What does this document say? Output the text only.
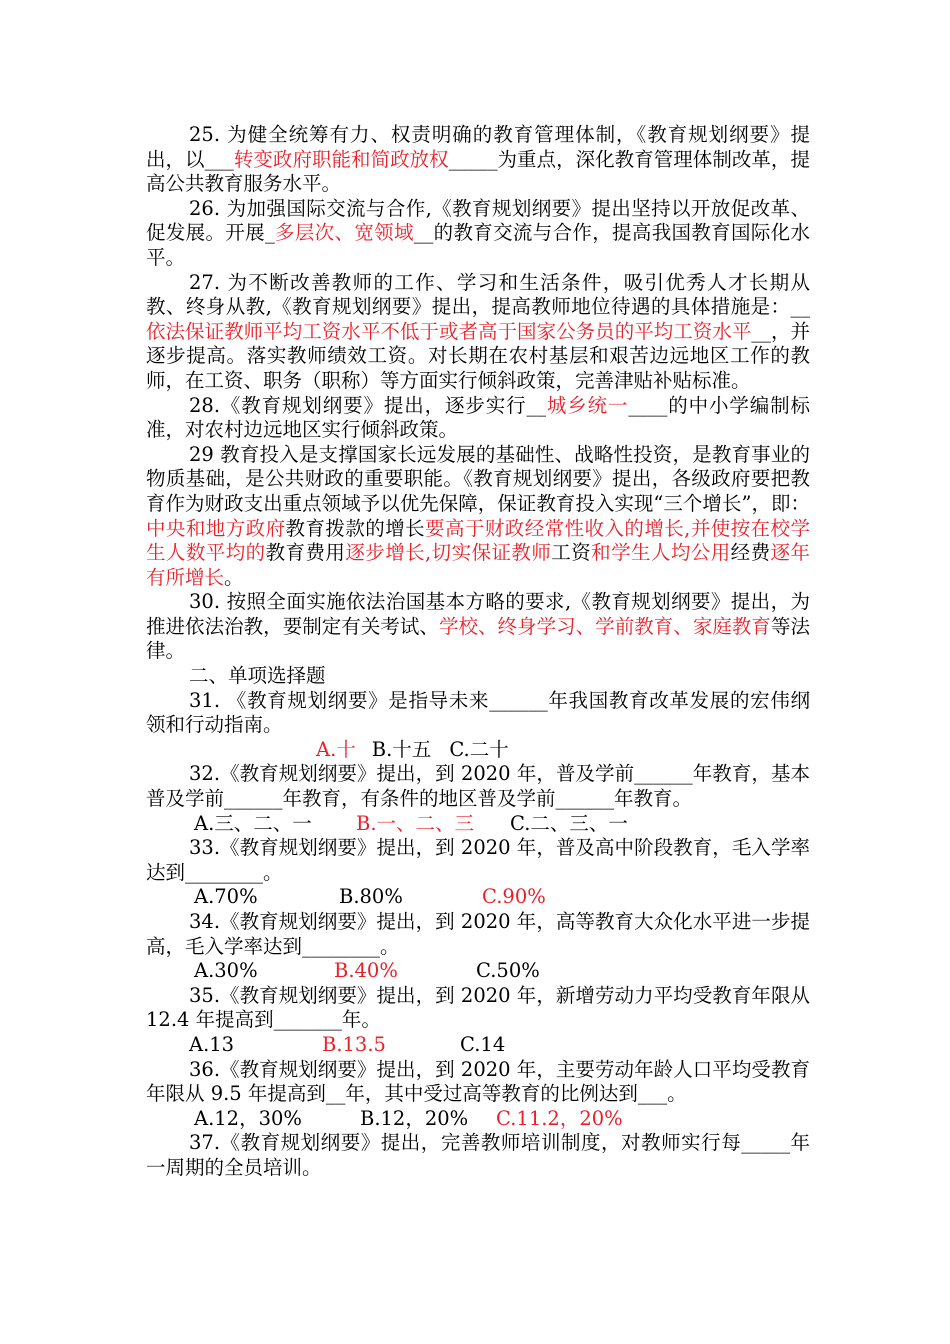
25. 为健全统筹有力、权责明确的教育管理体制，《教育规划纲要》提出，以___转变政府职能和简政放权_____为重点，深化教育管理体制改革，提高公共教育服务水平。

26. 为加强国际交流与合作,《教育规划纲要》提出坚持以开放促改革、促发展。开展_多层次、宽领域__的教育交流与合作，提高我国教育国际化水平。

27. 为不断改善教师的工作、学习和生活条件，吸引优秀人才长期从教、终身从教,《教育规划纲要》提出，提高教师地位待遇的具体措施是：__依法保证教师平均工资水平不低于或者高于国家公务员的平均工资水平__，并逐步提高。落实教师绩效工资。对长期在农村基层和艰苦边远地区工作的教师，在工资、职务（职称）等方面实行倾斜政策，完善津贴补贴标准。

28.《教育规划纲要》提出，逐步实行__城乡统一____的中小学编制标准，对农村边远地区实行倾斜政策。

29 教育投入是支撑国家长远发展的基础性、战略性投资，是教育事业的物质基础，是公共财政的重要职能。《教育规划纲要》提出，各级政府要把教育作为财政支出重点领域予以优先保障，保证教育投入实现“三个增长”，即：中央和地方政府教育拨款的增长要高于财政经常性收入的增长,并使按在校学生人数平均的教育费用逐步增长,切实保证教师工资和学生人均公用经费逐年有所增长。

30. 按照全面实施依法治国基本方略的要求,《教育规划纲要》提出，为推进依法治教，要制定有关考试、学校、终身学习、学前教育、家庭教育等法律。

二、单项选择题

31. 《教育规划纲要》是指导未来______年我国教育改革发展的宏伟纲领和行动指南。

A.十 B.十五 C.二十

32.《教育规划纲要》提出，到 2020 年，普及学前______年教育，基本普及学前______年教育，有条件的地区普及学前______年教育。

A.三、二、一 B.一、二、三 C.二、三、一

33.《教育规划纲要》提出，到 2020 年，普及高中阶段教育，毛入学率达到________。

A.70%	B.80%	C.90%

34.《教育规划纲要》提出，到 2020 年，高等教育大众化水平进一步提高，毛入学率达到________。

A.30%	B.40%	C.50%

35.《教育规划纲要》提出，到 2020 年，新增劳动力平均受教育年限从 12.4 年提高到_______年。

A.13	B.13.5	C.14

36.《教育规划纲要》提出，到 2020 年，主要劳动年龄人口平均受教育年限从 9.5 年提高到__年，其中受过高等教育的比例达到___。

A.12，30%	B.12，20% C.11.2，20%

37.《教育规划纲要》提出，完善教师培训制度，对教师实行每_____年一周期的全员培训。
